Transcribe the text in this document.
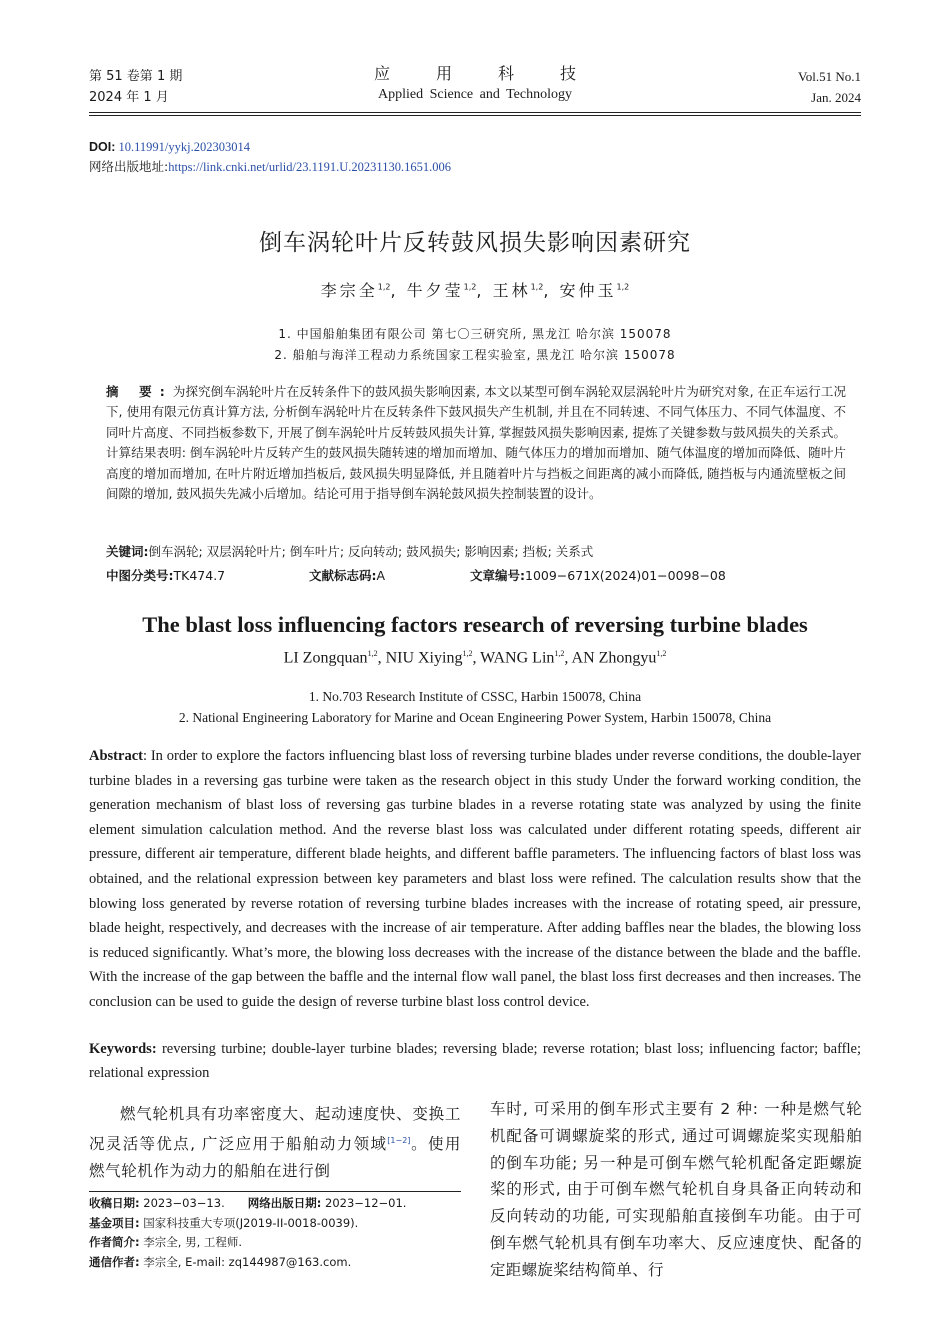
第 51 卷第 1 期
2024 年 1 月
应用科技
Applied Science and Technology
Vol.51 No.1
Jan. 2024
DOI: 10.11991/yykj.202303014
网络出版地址:https://link.cnki.net/urlid/23.1191.U.20231130.1651.006
倒车涡轮叶片反转鼓风损失影响因素研究
李宗全$^{1,2}$, 牛夕莹$^{1,2}$, 王林$^{1,2}$, 安仲玉$^{1,2}$
1. 中国船舶集团有限公司 第七〇三研究所, 黑龙江 哈尔滨 150078
2. 船舶与海洋工程动力系统国家工程实验室, 黑龙江 哈尔滨 150078
摘 要:为探究倒车涡轮叶片在反转条件下的鼓风损失影响因素, 本文以某型可倒车涡轮双层涡轮叶片为研究对象, 在正车运行工况下, 使用有限元仿真计算方法, 分析倒车涡轮叶片在反转条件下鼓风损失产生机制, 并且在不同转速、不同气体压力、不同气体温度、不同叶片高度、不同挡板参数下, 开展了倒车涡轮叶片反转鼓风损失计算, 掌握鼓风损失影响因素, 提炼了关键参数与鼓风损失的关系式。计算结果表明: 倒车涡轮叶片反转产生的鼓风损失随转速的增加而增加、随气体压力的增加而增加、随气体温度的增加而降低、随叶片高度的增加而增加, 在叶片附近增加挡板后, 鼓风损失明显降低, 并且随着叶片与挡板之间距离的减小而降低, 随挡板与内通流壁板之间间隙的增加, 鼓风损失先减小后增加。结论可用于指导倒车涡轮鼓风损失控制装置的设计。
关键词:倒车涡轮; 双层涡轮叶片; 倒车叶片; 反向转动; 鼓风损失; 影响因素; 挡板; 关系式
中图分类号:TK474.7	文献标志码:A	文章编号:1009−671X(2024)01−0098−08
The blast loss influencing factors research of reversing turbine blades
LI Zongquan$^{1,2}$, NIU Xiying$^{1,2}$, WANG Lin$^{1,2}$, AN Zhongyu$^{1,2}$
1. No.703 Research Institute of CSSC, Harbin 150078, China
2. National Engineering Laboratory for Marine and Ocean Engineering Power System, Harbin 150078, China
Abstract: In order to explore the factors influencing blast loss of reversing turbine blades under reverse conditions, the double-layer turbine blades in a reversing gas turbine were taken as the research object in this study Under the forward working condition, the generation mechanism of blast loss of reversing gas turbine blades in a reverse rotating state was analyzed by using the finite element simulation calculation method. And the reverse blast loss was calculated under different rotating speeds, different air pressure, different air temperature, different blade heights, and different baffle parameters. The influencing factors of blast loss was obtained, and the relational expression between key parameters and blast loss were refined. The calculation results show that the blowing loss generated by reverse rotation of reversing turbine blades increases with the increase of rotating speed, air pressure, blade height, respectively, and decreases with the increase of air temperature. After adding baffles near the blades, the blowing loss is reduced significantly. What’s more, the blowing loss decreases with the increase of the distance between the blade and the baffle. With the increase of the gap between the baffle and the internal flow wall panel, the blast loss first decreases and then increases. The conclusion can be used to guide the design of reverse turbine blast loss control device.
Keywords: reversing turbine; double-layer turbine blades; reversing blade; reverse rotation; blast loss; influencing factor; baffle; relational expression
燃气轮机具有功率密度大、起动速度快、变换工况灵活等优点, 广泛应用于船舶动力领域[1−2]。使用燃气轮机作为动力的船舶在进行倒
车时, 可采用的倒车形式主要有 2 种: 一种是燃气轮机配备可调螺旋桨的形式, 通过可调螺旋桨实现船舶的倒车功能; 另一种是可倒车燃气轮机配备定距螺旋桨的形式, 由于可倒车燃气轮机自身具备正向转动和反向转动的功能, 可实现船舶直接倒车功能。由于可倒车燃气轮机具有倒车功率大、反应速度快、配备的定距螺旋桨结构简单、行
收稿日期: 2023−03−13.　　网络出版日期: 2023−12−01.
基金项目: 国家科技重大专项(J2019-II-0018-0039).
作者简介: 李宗全, 男, 工程师.
通信作者: 李宗全, E-mail: zq144987@163.com.
